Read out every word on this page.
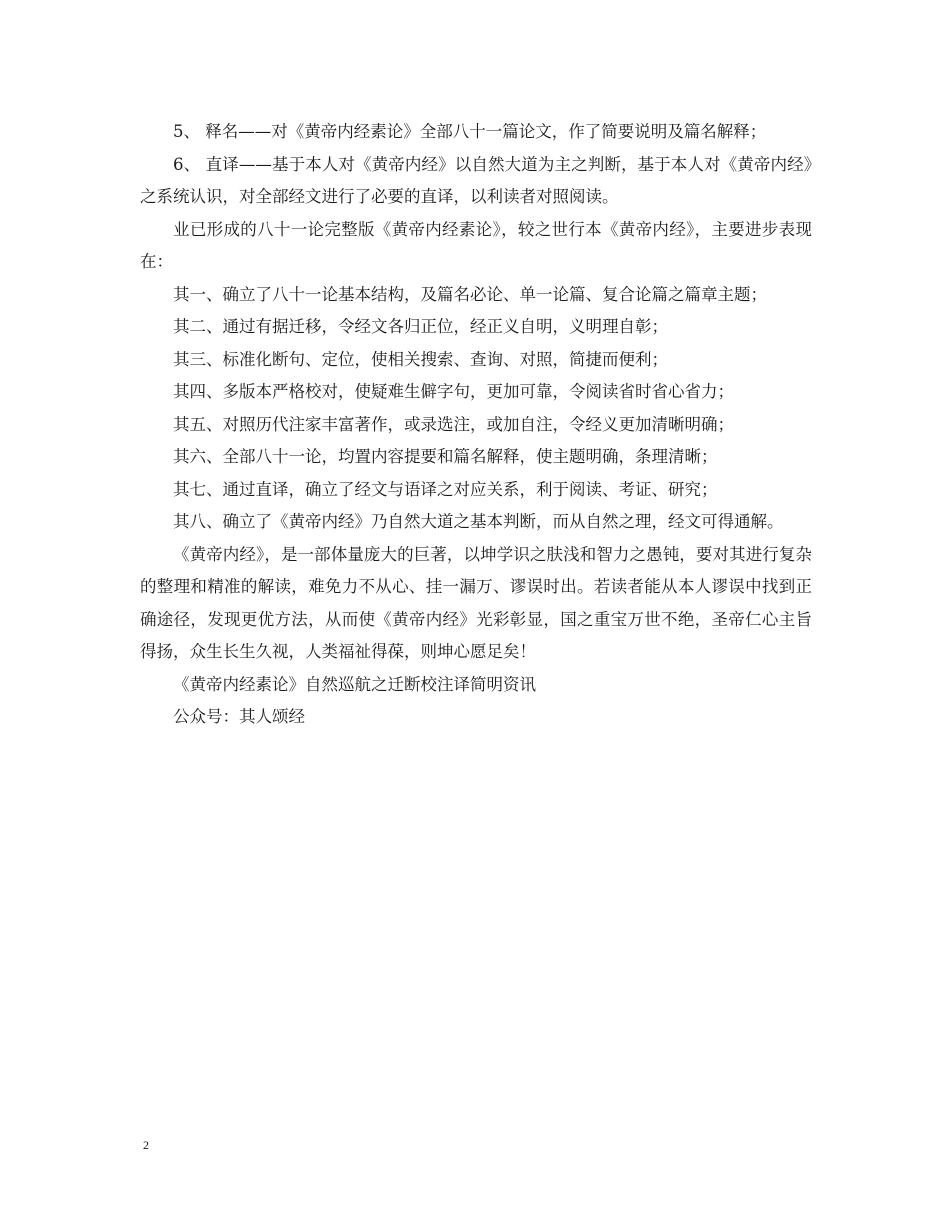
5、 释名——对《黄帝内经素论》全部八十一篇论文，作了简要说明及篇名解释；

6、 直译——基于本人对《黄帝内经》以自然大道为主之判断，基于本人对《黄帝内经》之系统认识，对全部经文进行了必要的直译，以利读者对照阅读。

业已形成的八十一论完整版《黄帝内经素论》，较之世行本《黄帝内经》，主要进步表现在：

其一、确立了八十一论基本结构，及篇名必论、单一论篇、复合论篇之篇章主题；

其二、通过有据迁移，令经文各归正位，经正义自明，义明理自彰；

其三、标准化断句、定位，使相关搜索、查询、对照，简捷而便利；

其四、多版本严格校对，使疑难生僻字句，更加可靠，令阅读省时省心省力；

其五、对照历代注家丰富著作，或录选注，或加自注，令经义更加清晰明确；

其六、全部八十一论，均置内容提要和篇名解释，使主题明确，条理清晰；

其七、通过直译，确立了经文与语译之对应关系，利于阅读、考证、研究；

其八、确立了《黄帝内经》乃自然大道之基本判断，而从自然之理，经文可得通解。

《黄帝内经》，是一部体量庞大的巨著，以坤学识之肤浅和智力之愚钝，要对其进行复杂的整理和精准的解读，难免力不从心、挂一漏万、谬误时出。若读者能从本人谬误中找到正确途径，发现更优方法，从而使《黄帝内经》光彩彰显，国之重宝万世不绝，圣帝仁心主旨得扬，众生长生久视，人类福祉得葆，则坤心愿足矣！

《黄帝内经素论》自然巡航之迁断校注译简明资讯

公众号：其人颂经

2
